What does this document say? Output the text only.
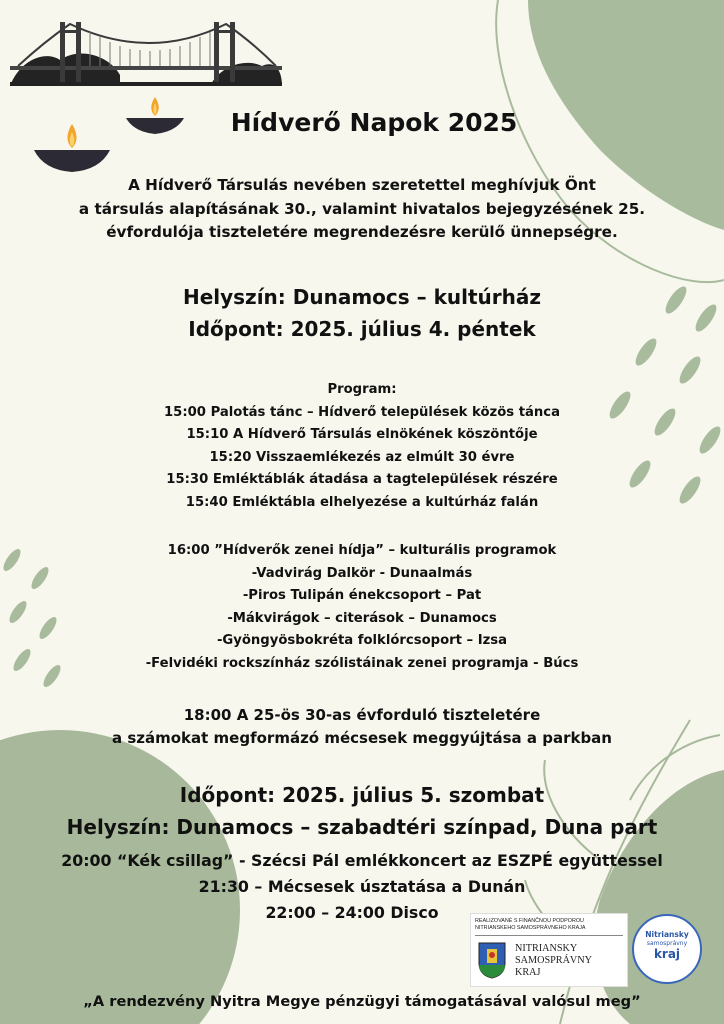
Hídverő Napok 2025
A Hídverő Társulás nevében szeretettel meghívjuk Önt
a társulás alapításának 30., valamint hivatalos bejegyzésének 25.
évfordulója tiszteletére megrendezésre kerülő ünnepségre.
Helyszín: Dunamocs – kultúrház
Időpont: 2025. július 4. péntek
Program:
15:00 Palotás tánc – Hídverő települések közös tánca
15:10 A Hídverő Társulás elnökének köszöntője
15:20 Visszaemlékezés az elmúlt 30 évre
15:30 Emléktáblák átadása a tagtelepülések részére
15:40 Emléktábla elhelyezése a kultúrház falán
16:00 ”Hídverők zenei hídja” – kulturális programok
-Vadvirág Dalkör - Dunaalmás
-Piros Tulipán énekcsoport – Pat
-Mákvirágok – citerások – Dunamocs
-Gyöngyösbokréta folklórcsoport – Izsa
-Felvidéki rockszínház szólistáinak zenei programja - Búcs
18:00 A 25-ös 30-as évforduló tiszteletére
a számokat megformázó mécsesek meggyújtása a parkban
Időpont: 2025. július 5. szombat
Helyszín: Dunamocs – szabadtéri színpad, Duna part
20:00 “Kék csillag” - Szécsi Pál emlékkoncert az ESZPÉ együttessel
21:30 – Mécsesek úsztatása a Dunán
22:00 – 24:00 Disco	REALIZOVANÉ S FINANČNOU PODPOROU
NITRIANSKEHO SAMOSPRÁVNEHO KRAJA
NITRIANSKY
SAMOSPRÁVNY
KRAJ
Nitriansky
samosprávny
kraj
„A rendezvény Nyitra Megye pénzügyi támogatásával valósul meg”
